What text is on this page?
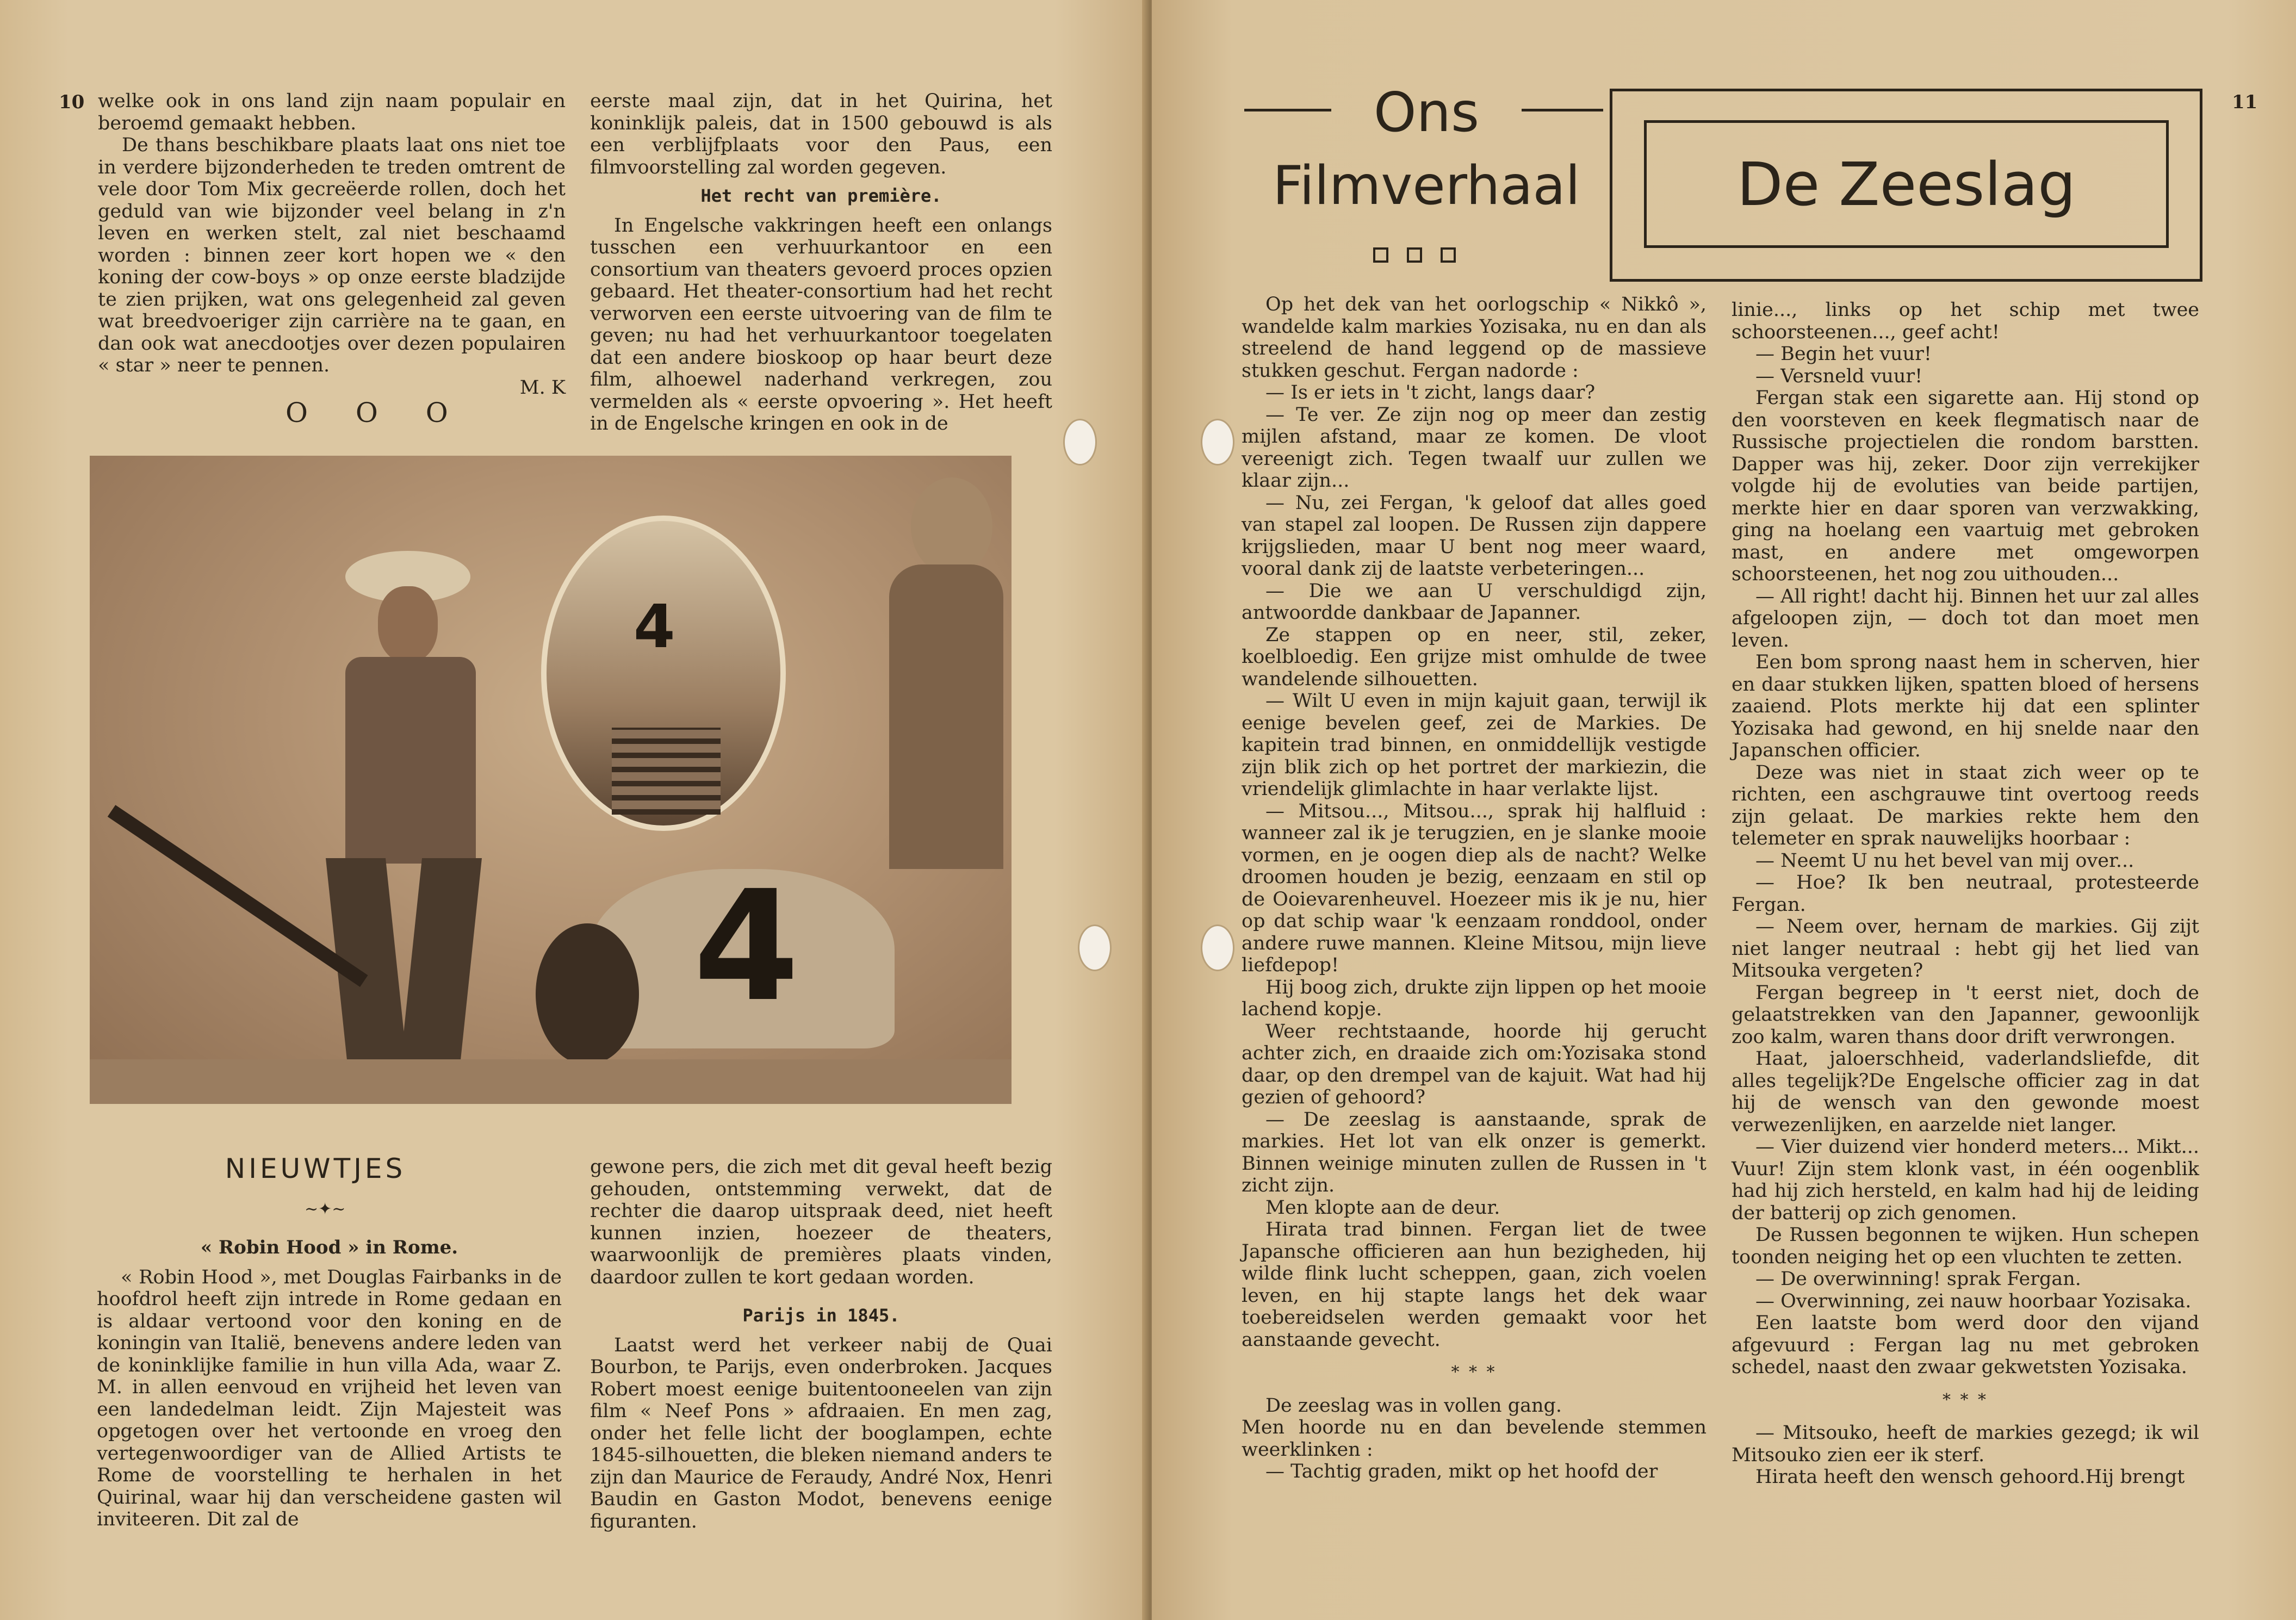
10 welke ook in ons land zijn naam populair en beroemd gemaakt hebben.

De thans beschikbare plaats laat ons niet toe in verdere bijzonderheden te treden omtrent de vele door Tom Mix gecreëerde rollen, doch het geduld van wie bijzonder veel belang in z'n leven en werken stelt, zal niet beschaamd worden : binnen zeer kort hopen we « den koning der cow-boys » op onze eerste bladzijde te zien prijken, wat ons gelegenheid zal geven wat breedvoeriger zijn carrière na te gaan, en dan ook wat anecdootjes over dezen populairen « star » neer te pennen.

M. K

O O O

eerste maal zijn, dat in het Quirina, het koninklijk paleis, dat in 1500 gebouwd is als een verblijfplaats voor den Paus, een filmvoorstelling zal worden gegeven.

Het recht van première.

In Engelsche vakkringen heeft een onlangs tusschen een verhuurkantoor en een consortium van theaters gevoerd proces opzien gebaard. Het theater-consortium had het recht verworven een eerste uitvoering van de film te geven; nu had het verhuurkantoor toegelaten dat een andere bioskoop op haar beurt deze film, alhoewel naderhand verkregen, zou vermelden als « eerste opvoering ». Het heeft in de Engelsche kringen en ook in de

4
4
NIEUWTJES
~✦~
« Robin Hood » in Rome.

« Robin Hood », met Douglas Fairbanks in de hoofdrol heeft zijn intrede in Rome gedaan en is aldaar vertoond voor den koning en de koningin van Italië, benevens andere leden van de koninklijke familie in hun villa Ada, waar Z. M. in allen eenvoud en vrijheid het leven van een landedelman leidt. Zijn Majesteit was opgetogen over het vertoonde en vroeg den vertegenwoordiger van de Allied Artists te Rome de voorstelling te herhalen in het Quirinal, waar hij dan verscheidene gasten wil inviteeren. Dit zal de

gewone pers, die zich met dit geval heeft bezig gehouden, ontstemming verwekt, dat de rechter die daarop uitspraak deed, niet heeft kunnen inzien, hoezeer de theaters, waarwoonlijk de premières plaats vinden, daardoor zullen te kort gedaan worden.

Parijs in 1845.

Laatst werd het verkeer nabij de Quai Bourbon, te Parijs, even onderbroken. Jacques Robert moest eenige buitentooneelen van zijn film « Neef Pons » afdraaien. En men zag, onder het felle licht der booglampen, echte 1845-silhouetten, die bleken niemand anders te zijn dan Maurice de Feraudy, André Nox, Henri Baudin en Gaston Modot, benevens eenige figuranten.

11
Ons
Filmverhaal	De Zeeslag

Op het dek van het oorlogschip « Nikkô », wandelde kalm markies Yozisaka, nu en dan als streelend de hand leggend op de massieve stukken geschut. Fergan nadorde :

— Is er iets in 't zicht, langs daar?

— Te ver. Ze zijn nog op meer dan zestig mijlen afstand, maar ze komen. De vloot vereenigt zich. Tegen twaalf uur zullen we klaar zijn...

— Nu, zei Fergan, 'k geloof dat alles goed van stapel zal loopen. De Russen zijn dappere krijgslieden, maar U bent nog meer waard, vooral dank zij de laatste verbeteringen...

— Die we aan U verschuldigd zijn, antwoordde dankbaar de Japanner.

Ze stappen op en neer, stil, zeker, koelbloedig. Een grijze mist omhulde de twee wandelende silhouetten.

— Wilt U even in mijn kajuit gaan, terwijl ik eenige bevelen geef, zei de Markies. De kapitein trad binnen, en onmiddellijk vestigde zijn blik zich op het portret der markiezin, die vriendelijk glimlachte in haar verlakte lijst.

— Mitsou..., Mitsou..., sprak hij halfluid : wanneer zal ik je terugzien, en je slanke mooie vormen, en je oogen diep als de nacht? Welke droomen houden je bezig, eenzaam en stil op de Ooievarenheuvel. Hoezeer mis ik je nu, hier op dat schip waar 'k eenzaam ronddool, onder andere ruwe mannen. Kleine Mitsou, mijn lieve liefdepop!

Hij boog zich, drukte zijn lippen op het mooie lachend kopje.

Weer rechtstaande, hoorde hij gerucht achter zich, en draaide zich om:Yozisaka stond daar, op den drempel van de kajuit. Wat had hij gezien of gehoord?

— De zeeslag is aanstaande, sprak de markies. Het lot van elk onzer is gemerkt. Binnen weinige minuten zullen de Russen in 't zicht zijn.

Men klopte aan de deur.

Hirata trad binnen. Fergan liet de twee Japansche officieren aan hun bezigheden, hij wilde flink lucht scheppen, gaan, zich voelen leven, en hij stapte langs het dek waar toebereidselen werden gemaakt voor het aanstaande gevecht.

* * *

De zeeslag was in vollen gang.

Men hoorde nu en dan bevelende stemmen weerklinken :

— Tachtig graden, mikt op het hoofd der

linie..., links op het schip met twee schoorsteenen..., geef acht!

— Begin het vuur!

— Versneld vuur!

Fergan stak een sigarette aan. Hij stond op den voorsteven en keek flegmatisch naar de Russische projectielen die rondom barstten. Dapper was hij, zeker. Door zijn verrekijker volgde hij de evoluties van beide partijen, merkte hier en daar sporen van verzwakking, ging na hoelang een vaartuig met gebroken mast, en andere met omgeworpen schoorsteenen, het nog zou uithouden...

— All right! dacht hij. Binnen het uur zal alles afgeloopen zijn, — doch tot dan moet men leven.

Een bom sprong naast hem in scherven, hier en daar stukken lijken, spatten bloed of hersens zaaiend. Plots merkte hij dat een splinter Yozisaka had gewond, en hij snelde naar den Japanschen officier.

Deze was niet in staat zich weer op te richten, een aschgrauwe tint overtoog reeds zijn gelaat. De markies rekte hem den telemeter en sprak nauwelijks hoorbaar :

— Neemt U nu het bevel van mij over...

— Hoe? Ik ben neutraal, protesteerde Fergan.

— Neem over, hernam de markies. Gij zijt niet langer neutraal : hebt gij het lied van Mitsouka vergeten?

Fergan begreep in 't eerst niet, doch de gelaatstrekken van den Japanner, gewoonlijk zoo kalm, waren thans door drift verwrongen.

Haat, jaloerschheid, vaderlandsliefde, dit alles tegelijk?De Engelsche officier zag in dat hij de wensch van den gewonde moest verwezenlijken, en aarzelde niet langer.

— Vier duizend vier honderd meters... Mikt... Vuur! Zijn stem klonk vast, in één oogenblik had hij zich hersteld, en kalm had hij de leiding der batterij op zich genomen.

De Russen begonnen te wijken. Hun schepen toonden neiging het op een vluchten te zetten.

— De overwinning! sprak Fergan.

— Overwinning, zei nauw hoorbaar Yozisaka.

Een laatste bom werd door den vijand afgevuurd : Fergan lag nu met gebroken schedel, naast den zwaar gekwetsten Yozisaka.

* * *

— Mitsouko, heeft de markies gezegd; ik wil Mitsouko zien eer ik sterf.

Hirata heeft den wensch gehoord.Hij brengt
